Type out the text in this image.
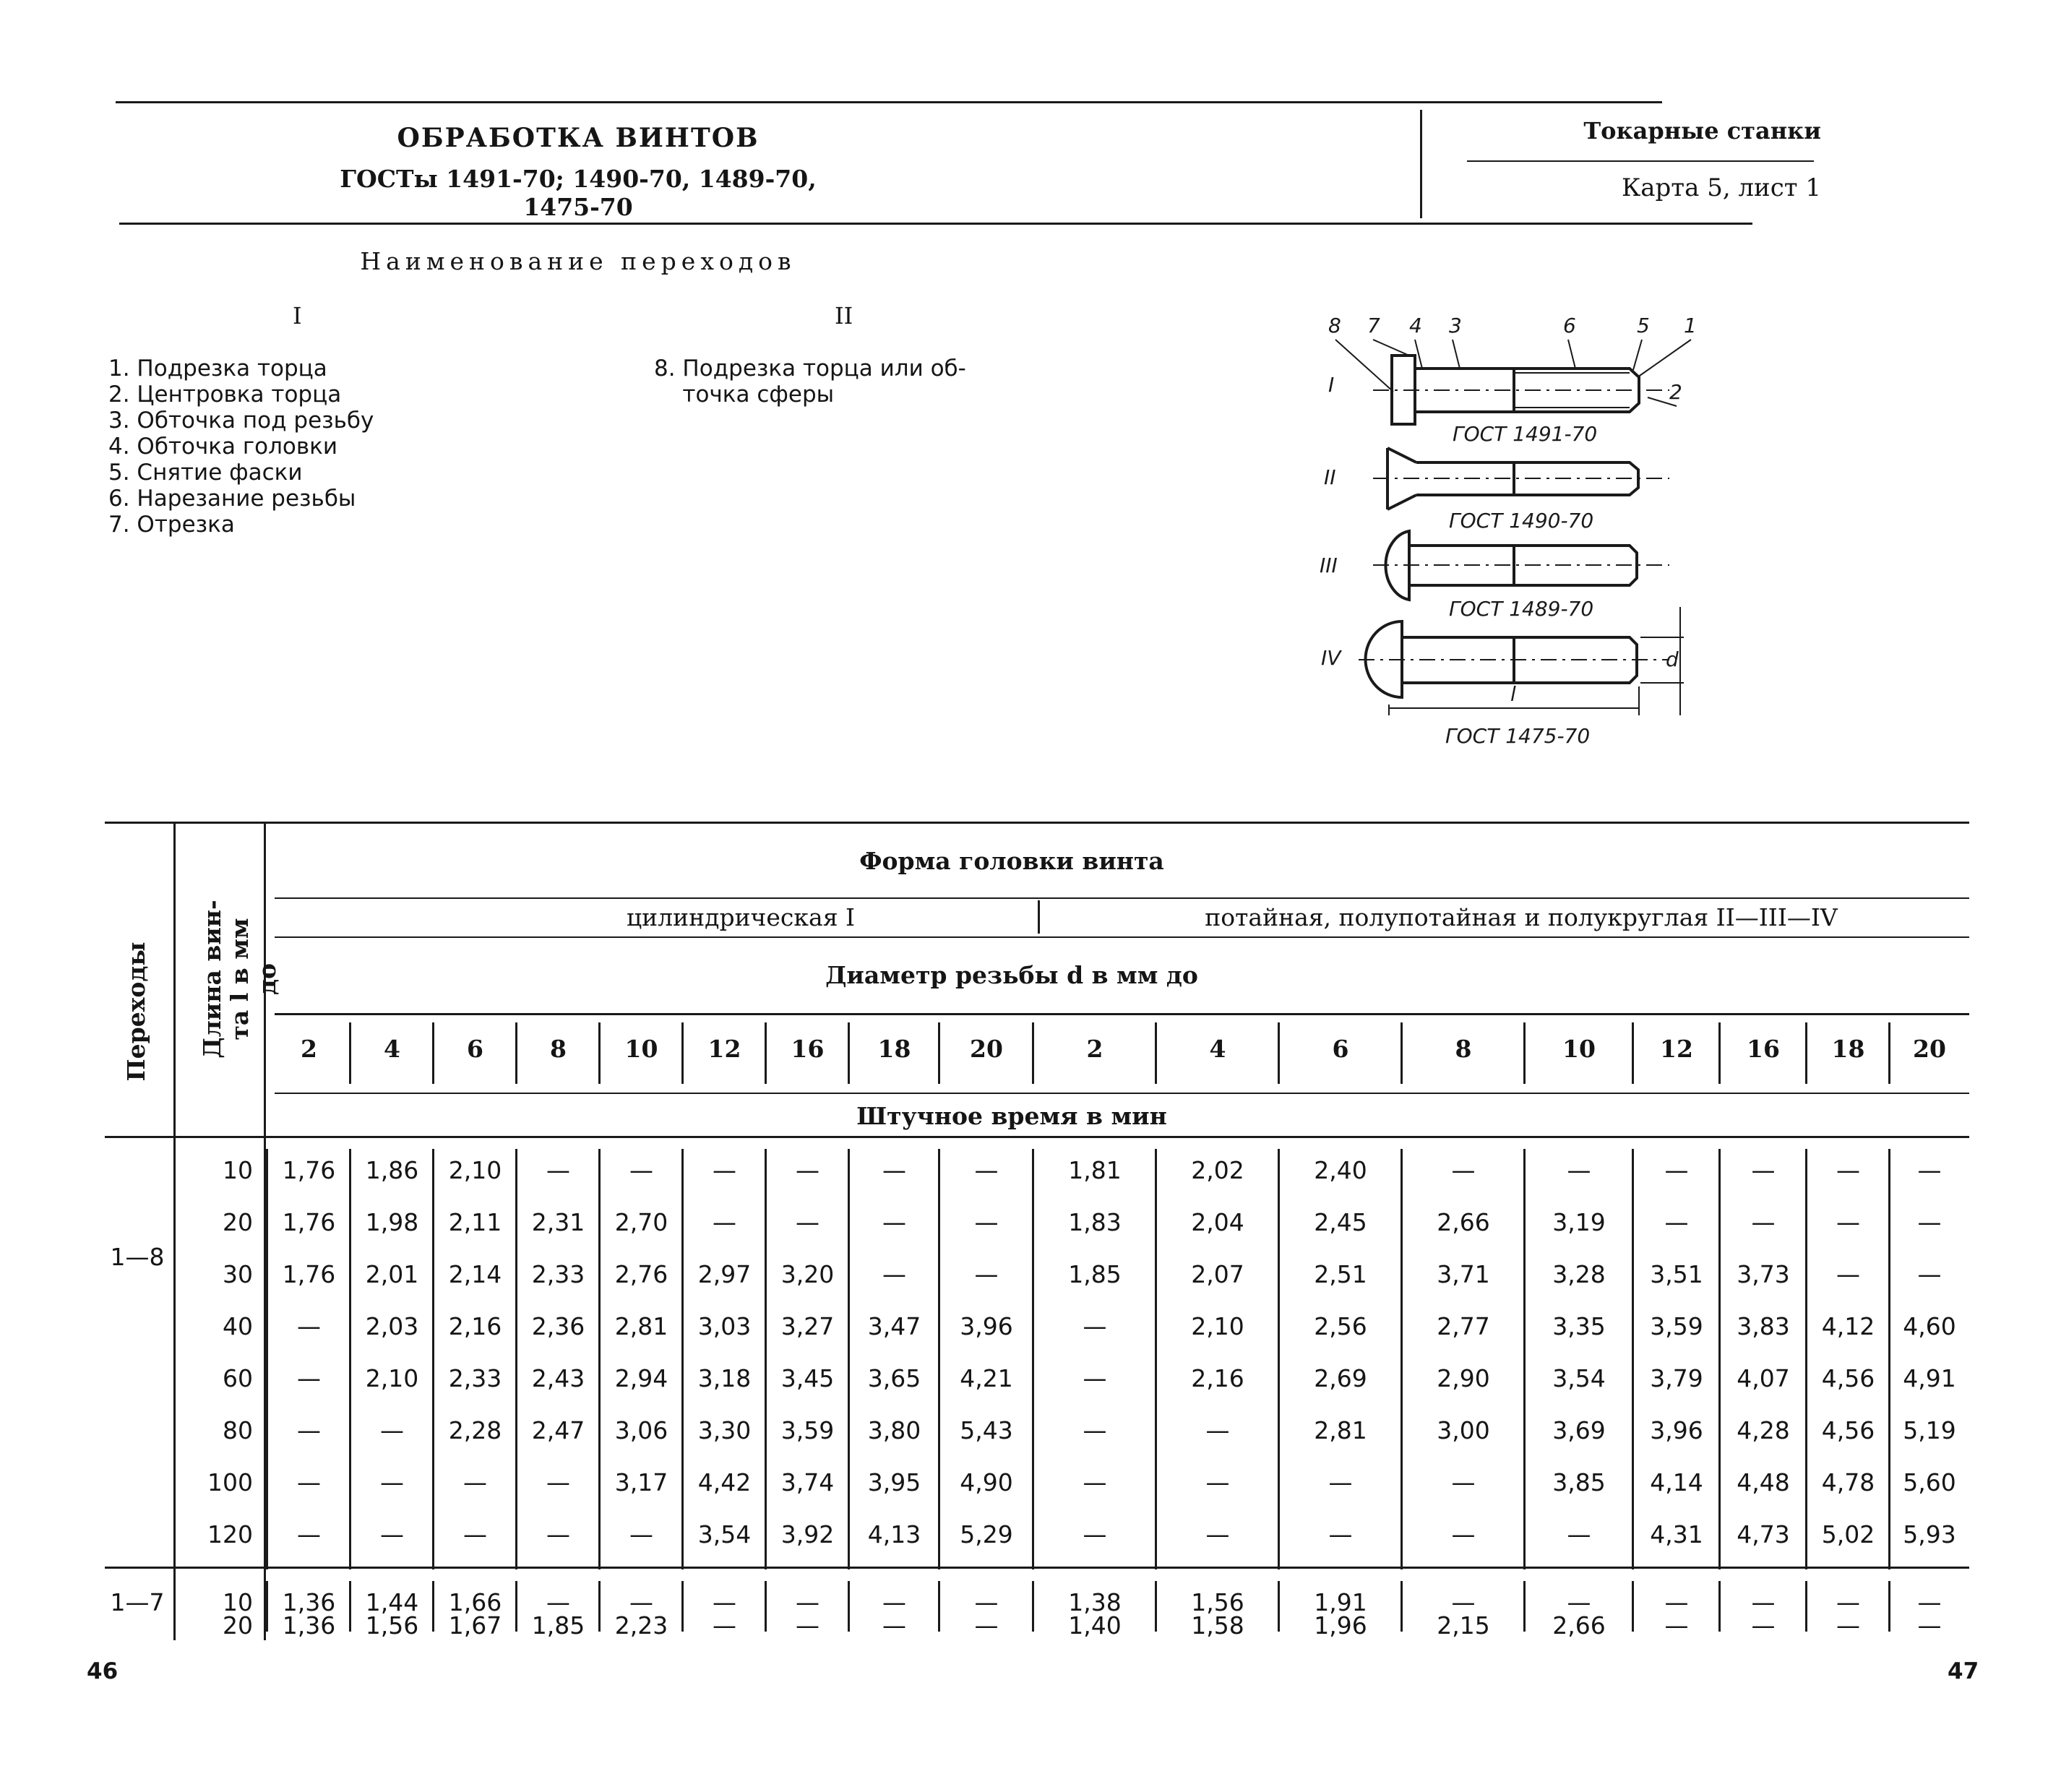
ОБРАБОТКА ВИНТОВ
ГОСТы 1491-70; 1490-70, 1489-70, 1475-70
Токарные станки
Карта 5, лист 1
Наименование переходов
I	II
1. Подрезка торца
2. Центровка торца
3. Обточка под резьбу
4. Обточка головки
5. Снятие фаски
6. Нарезание резьбы
7. Отрезка
8. Подрезка торца или об-
точка сферы
8 7 4 3	6	5 1
2
I
II
III
IV
ГОСТ 1491-70
ГОСТ 1490-70
ГОСТ 1489-70
ГОСТ 1475-70
l
d
Форма головки винта
цилиндрическая I	потайная, полупотайная и полукруглая II—III—IV
Диаметр резьбы d в мм до
2	4	6	8	10	12	16	18	20	2	4	6	8	10	12	16	18	20
Штучное время в мин
Переходы Длина вин-
та l в мм
до
1—8
10	1,76	1,86	2,10	—	—	—	—	—	—	1,81	2,02	2,40	—	—	—	—	—	—
20	1,76	1,98	2,11	2,31	2,70	—	—	—	—	1,83	2,04	2,45	2,66	3,19	—	—	—	—
30	1,76	2,01	2,14	2,33	2,76	2,97	3,20	—	—	1,85	2,07	2,51	3,71	3,28	3,51	3,73	—	—
40	—	2,03	2,16	2,36	2,81	3,03	3,27	3,47	3,96	—	2,10	2,56	2,77	3,35	3,59	3,83	4,12	4,60
60	—	2,10	2,33	2,43	2,94	3,18	3,45	3,65	4,21	—	2,16	2,69	2,90	3,54	3,79	4,07	4,56	4,91
80	—	—	2,28	2,47	3,06	3,30	3,59	3,80	5,43	—	—	2,81	3,00	3,69	3,96	4,28	4,56	5,19
100	—	—	—	—	3,17	4,42	3,74	3,95	4,90	—	—	—	—	3,85	4,14	4,48	4,78	5,60
120	—	—	—	—	—	3,54	3,92	4,13	5,29	—	—	—	—	—	4,31	4,73	5,02	5,93
1—7	10	1,36	1,44	1,66	—	—	—	—	—	—	1,38	1,56	1,91	—	—	—	—	—	—
20	1,36	1,56	1,67	1,85	2,23	—	—	—	—	1,40	1,58	1,96	2,15	2,66	—	—	—	—
46	47
